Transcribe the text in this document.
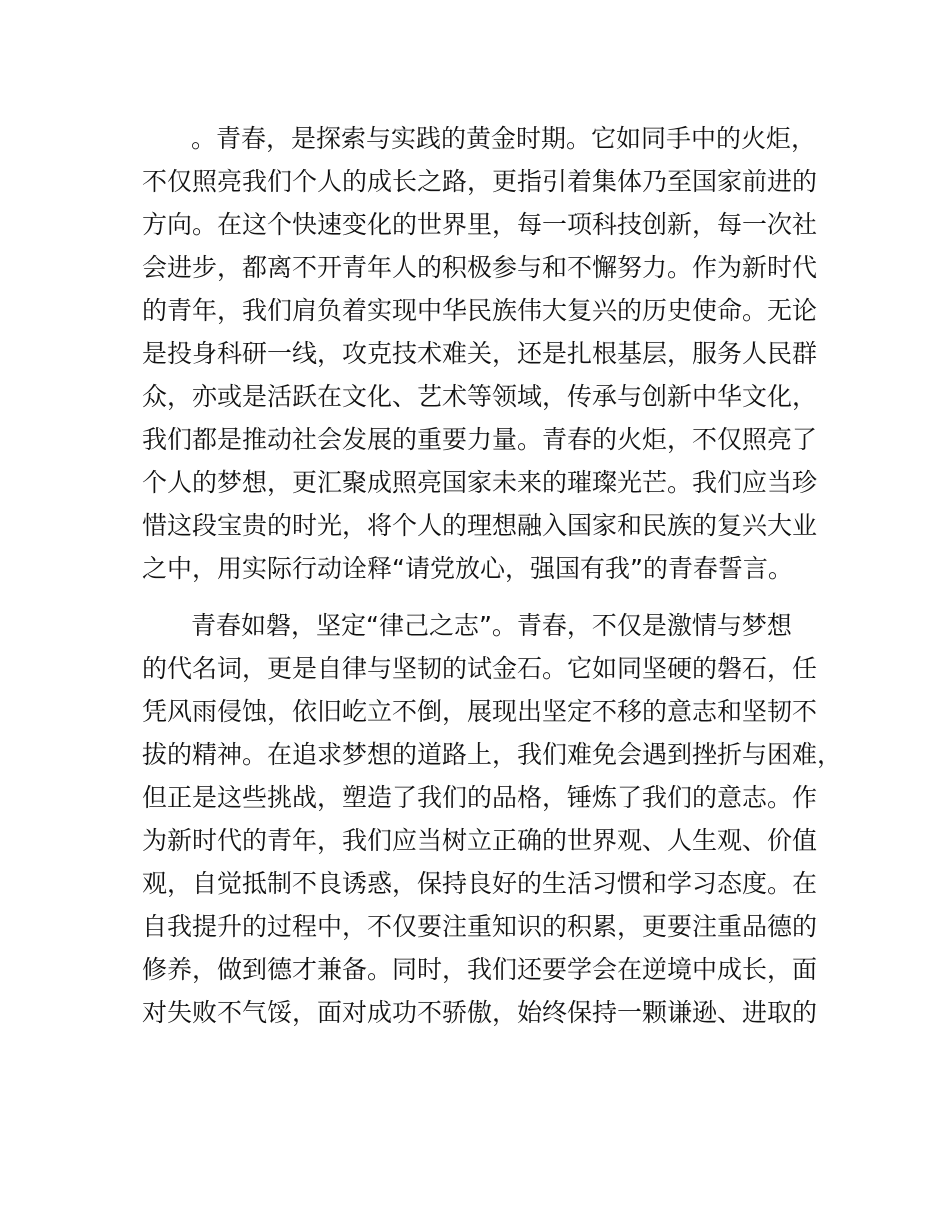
。青春，是探索与实践的黄金时期。它如同手中的火炬，
不仅照亮我们个人的成长之路，更指引着集体乃至国家前进的
方向。在这个快速变化的世界里，每一项科技创新，每一次社
会进步，都离不开青年人的积极参与和不懈努力。作为新时代
的青年，我们肩负着实现中华民族伟大复兴的历史使命。无论
是投身科研一线，攻克技术难关，还是扎根基层，服务人民群
众，亦或是活跃在文化、艺术等领域，传承与创新中华文化，
我们都是推动社会发展的重要力量。青春的火炬，不仅照亮了
个人的梦想，更汇聚成照亮国家未来的璀璨光芒。我们应当珍
惜这段宝贵的时光，将个人的理想融入国家和民族的复兴大业
之中，用实际行动诠释“请党放心，强国有我”的青春誓言。
青春如磐，坚定“律己之志”。青春，不仅是激情与梦想
的代名词，更是自律与坚韧的试金石。它如同坚硬的磐石，任
凭风雨侵蚀，依旧屹立不倒，展现出坚定不移的意志和坚韧不
拔的精神。在追求梦想的道路上，我们难免会遇到挫折与困难，
但正是这些挑战，塑造了我们的品格，锤炼了我们的意志。作
为新时代的青年，我们应当树立正确的世界观、人生观、价值
观，自觉抵制不良诱惑，保持良好的生活习惯和学习态度。在
自我提升的过程中，不仅要注重知识的积累，更要注重品德的
修养，做到德才兼备。同时，我们还要学会在逆境中成长，面
对失败不气馁，面对成功不骄傲，始终保持一颗谦逊、进取的
